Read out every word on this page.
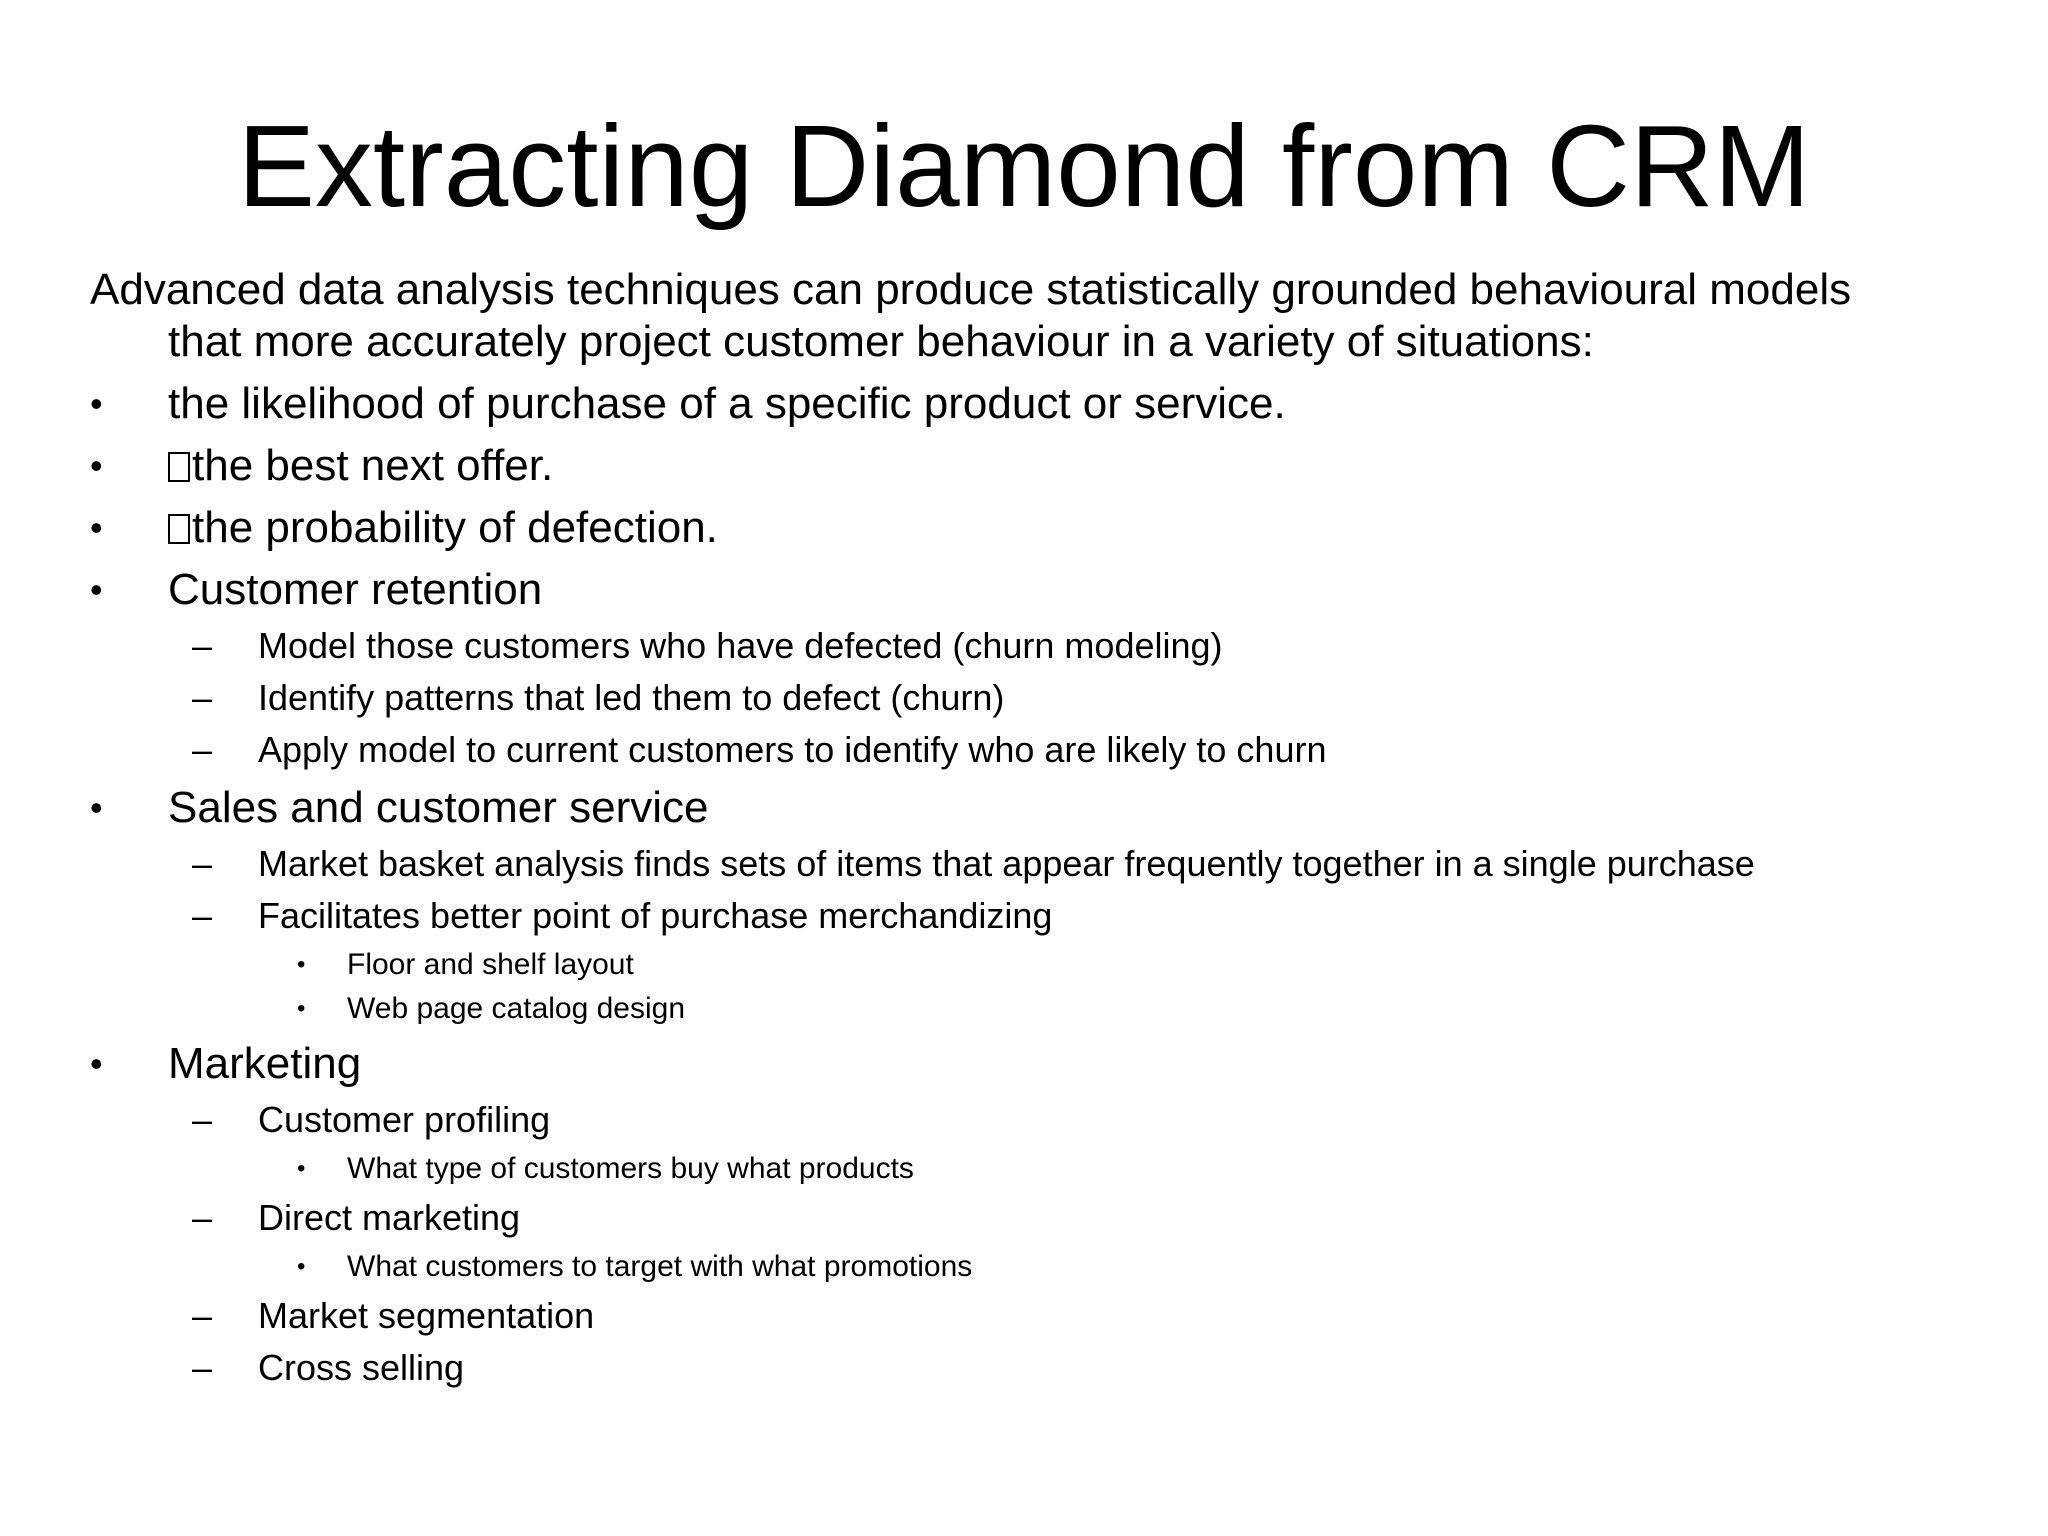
Extracting Diamond from CRM
Advanced data analysis techniques can produce statistically grounded behavioural models
that more accurately project customer behaviour in a variety of situations:
• the likelihood of purchase of a specific product or service.
•	the best next offer.
•	the probability of defection.
• Customer retention
– Model those customers who have defected (churn modeling)
– Identify patterns that led them to defect (churn)
– Apply model to current customers to identify who are likely to churn
• Sales and customer service
– Market basket analysis finds sets of items that appear frequently together in a single purchase
– Facilitates better point of purchase merchandizing
• Floor and shelf layout
• Web page catalog design
• Marketing
– Customer profiling
• What type of customers buy what products
– Direct marketing
• What customers to target with what promotions
– Market segmentation
– Cross selling
